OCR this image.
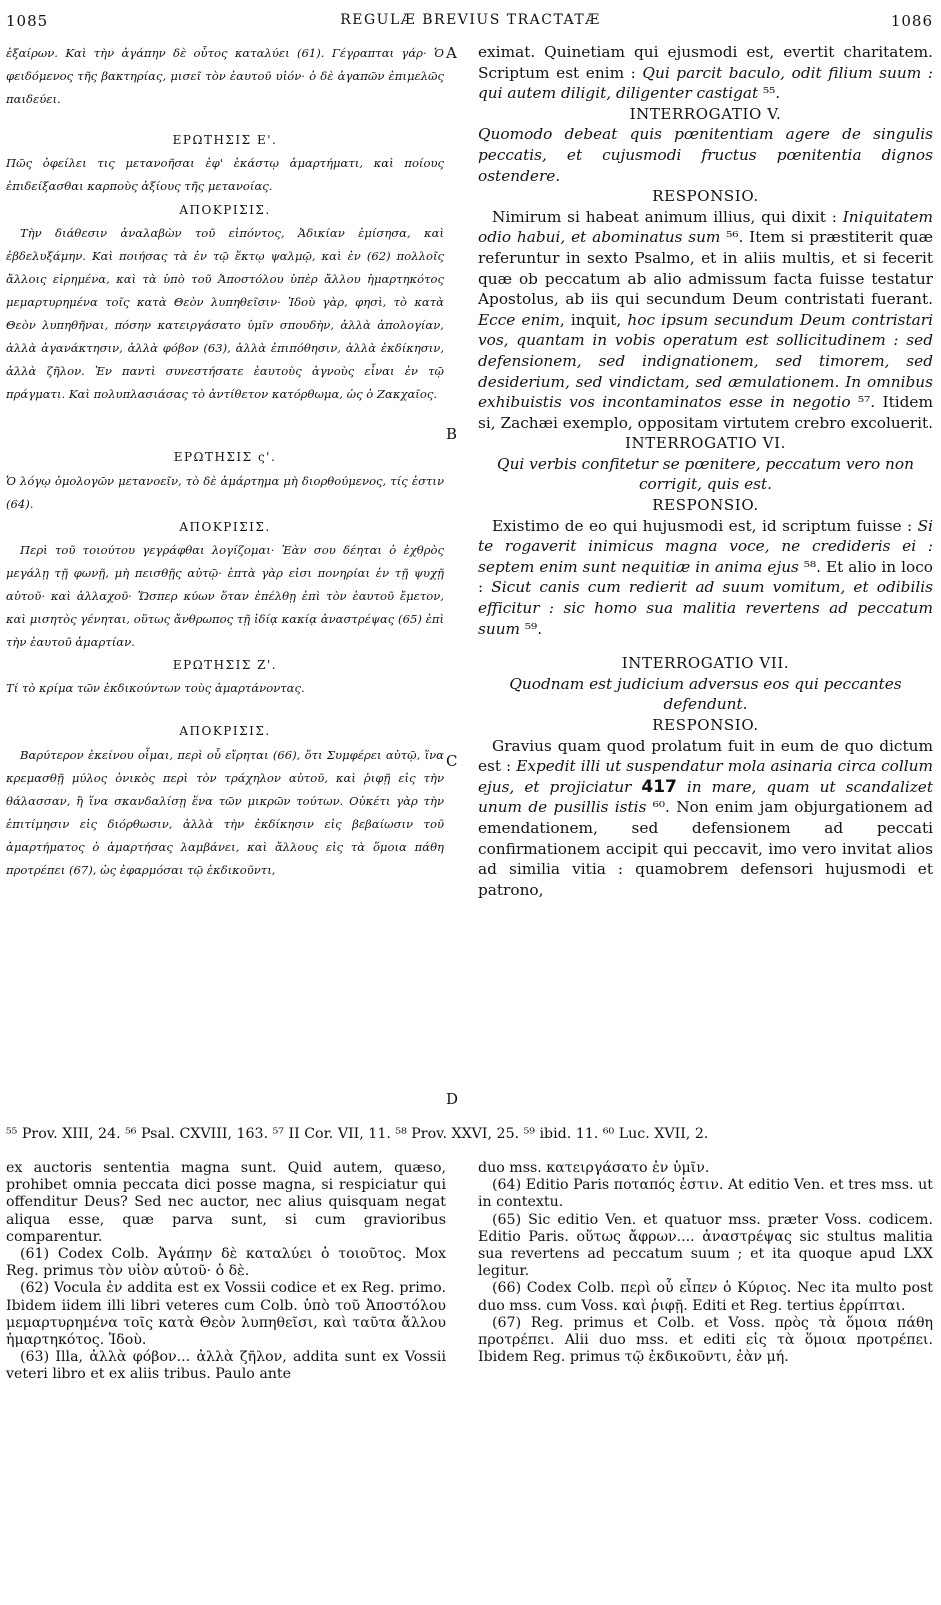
1085	REGULÆ BREVIUS TRACTATÆ	1086

ἐξαίρων. Καὶ τὴν ἀγάπην δὲ οὗτος καταλύει (61). Γέγραπται γάρ· Ὁ φειδόμενος τῆς βακτηρίας, μισεῖ τὸν ἑαυτοῦ υἱόν· ὁ δὲ ἀγαπῶν ἐπιμελῶς παιδεύει.

ΕΡΩΤΗΣΙΣ Ε'.

Πῶς ὀφείλει τις μετανοῆσαι ἐφ' ἑκάστῳ ἁμαρτήματι, καὶ ποίους ἐπιδείξασθαι καρποὺς ἀξίους τῆς μετανοίας.

ΑΠΟΚΡΙΣΙΣ.

Τὴν διάθεσιν ἀναλαβὼν τοῦ εἰπόντος, Ἀδικίαν ἐμίσησα, καὶ ἐβδελυξάμην. Καὶ ποιήσας τὰ ἐν τῷ ἕκτῳ ψαλμῷ, καὶ ἐν (62) πολλοῖς ἄλλοις εἰρημένα, καὶ τὰ ὑπὸ τοῦ Ἀποστόλου ὑπὲρ ἄλλου ἡμαρτηκότος μεμαρτυρημένα τοῖς κατὰ Θεὸν λυπηθεῖσιν· Ἰδοὺ γὰρ, φησὶ, τὸ κατὰ Θεὸν λυπηθῆναι, πόσην κατειργάσατο ὑμῖν σπουδὴν, ἀλλὰ ἀπολογίαν, ἀλλὰ ἀγανάκτησιν, ἀλλὰ φόβον (63), ἀλλὰ ἐπιπόθησιν, ἀλλὰ ἐκδίκησιν, ἀλλὰ ζῆλον. Ἐν παντὶ συνεστήσατε ἑαυτοὺς ἁγνοὺς εἶναι ἐν τῷ πράγματι. Καὶ πολυπλασιάσας τὸ ἀντίθετον κατόρθωμα, ὡς ὁ Ζακχαῖος.

ΕΡΩΤΗΣΙΣ ς'.

Ὁ λόγῳ ὁμολογῶν μετανοεῖν, τὸ δὲ ἁμάρτημα μὴ διορθούμενος, τίς ἐστιν (64).

ΑΠΟΚΡΙΣΙΣ.

Περὶ τοῦ τοιούτου γεγράφθαι λογίζομαι· Ἐὰν σου δέηται ὁ ἐχθρὸς μεγάλῃ τῇ φωνῇ, μὴ πεισθῇς αὐτῷ· ἑπτὰ γὰρ εἰσι πονηρίαι ἐν τῇ ψυχῇ αὐτοῦ· καὶ ἀλλαχοῦ· Ὥσπερ κύων ὅταν ἐπέλθῃ ἐπὶ τὸν ἑαυτοῦ ἔμετον, καὶ μισητὸς γένηται, οὕτως ἄνθρωπος τῇ ἰδίᾳ κακίᾳ ἀναστρέψας (65) ἐπὶ τὴν ἑαυτοῦ ἁμαρτίαν.

ΕΡΩΤΗΣΙΣ Ζ'.

Τί τὸ κρίμα τῶν ἐκδικούντων τοὺς ἁμαρτάνοντας.

ΑΠΟΚΡΙΣΙΣ.

Βαρύτερον ἐκείνου οἶμαι, περὶ οὗ εἴρηται (66), ὅτι Συμφέρει αὐτῷ, ἵνα κρεμασθῇ μύλος ὀνικὸς περὶ τὸν τράχηλον αὐτοῦ, καὶ ῥιφῇ εἰς τὴν θάλασσαν, ἢ ἵνα σκανδαλίσῃ ἕνα τῶν μικρῶν τούτων. Οὐκέτι γὰρ τὴν ἐπιτίμησιν εἰς διόρθωσιν, ἀλλὰ τὴν ἐκδίκησιν εἰς βεβαίωσιν τοῦ ἁμαρτήματος ὁ ἁμαρτήσας λαμβάνει, καὶ ἄλλους εἰς τὰ ὅμοια πάθη προτρέπει (67), ὡς ἐφαρμόσαι τῷ ἐκδικοῦντι,

A
B
C
D

eximat. Quinetiam qui ejusmodi est, evertit charitatem. Scriptum est enim : Qui parcit baculo, odit filium suum : qui autem diligit, diligenter castigat ⁵⁵.

INTERROGATIO V.

Quomodo debeat quis pœnitentiam agere de singulis peccatis, et cujusmodi fructus pœnitentia dignos ostendere.

RESPONSIO.

Nimirum si habeat animum illius, qui dixit : Iniquitatem odio habui, et abominatus sum ⁵⁶. Item si præstiterit quæ referuntur in sexto Psalmo, et in aliis multis, et si fecerit quæ ob peccatum ab alio admissum facta fuisse testatur Apostolus, ab iis qui secundum Deum contristati fuerant. Ecce enim, inquit, hoc ipsum secundum Deum contristari vos, quantam in vobis operatum est sollicitudinem : sed defensionem, sed indignationem, sed timorem, sed desiderium, sed vindictam, sed æmulationem. In omnibus exhibuistis vos incontaminatos esse in negotio ⁵⁷. Itidem si, Zachæi exemplo, oppositam virtutem crebro excoluerit.

INTERROGATIO VI.

Qui verbis confitetur se pœnitere, peccatum vero non corrigit, quis est.

RESPONSIO.

Existimo de eo qui hujusmodi est, id scriptum fuisse : Si te rogaverit inimicus magna voce, ne credideris ei : septem enim sunt nequitiæ in anima ejus ⁵⁸. Et alio in loco : Sicut canis cum redierit ad suum vomitum, et odibilis efficitur : sic homo sua malitia revertens ad peccatum suum ⁵⁹.

INTERROGATIO VII.

Quodnam est judicium adversus eos qui peccantes defendunt.

RESPONSIO.

Gravius quam quod prolatum fuit in eum de quo dictum est : Expedit illi ut suspendatur mola asinaria circa collum ejus, et projiciatur 417 in mare, quam ut scandalizet unum de pusillis istis ⁶⁰. Non enim jam objurgationem ad emendationem, sed defensionem ad peccati confirmationem accipit qui peccavit, imo vero invitat alios ad similia vitia : quamobrem defensori hujusmodi et patrono,

⁵⁵ Prov. XIII, 24. ⁵⁶ Psal. CXVIII, 163. ⁵⁷ II Cor. VII, 11. ⁵⁸ Prov. XXVI, 25. ⁵⁹ ibid. 11. ⁶⁰ Luc. XVII, 2.

ex auctoris sententia magna sunt. Quid autem, quæso, prohibet omnia peccata dici posse magna, si respiciatur qui offenditur Deus? Sed nec auctor, nec alius quisquam negat aliqua esse, quæ parva sunt, si cum gravioribus comparentur.

(61) Codex Colb. Ἀγάπην δὲ καταλύει ὁ τοιοῦτος. Mox Reg. primus τὸν υἱὸν αὐτοῦ· ὁ δὲ.

(62) Vocula ἐν addita est ex Vossii codice et ex Reg. primo. Ibidem iidem illi libri veteres cum Colb. ὑπὸ τοῦ Ἀποστόλου μεμαρτυρημένα τοῖς κατὰ Θεὸν λυπηθεῖσι, καὶ ταῦτα ἄλλου ἡμαρτηκότος. Ἰδοὺ.

(63) Illa, ἀλλὰ φόβον... ἀλλὰ ζῆλον, addita sunt ex Vossii veteri libro et ex aliis tribus. Paulo ante

duo mss. κατειργάσατο ἐν ὑμῖν.

(64) Editio Paris ποταπός ἐστιν. At editio Ven. et tres mss. ut in contextu.

(65) Sic editio Ven. et quatuor mss. præter Voss. codicem. Editio Paris. οὕτως ἄφρων.... ἀναστρέψας sic stultus malitia sua revertens ad peccatum suum ; et ita quoque apud LXX legitur.

(66) Codex Colb. περὶ οὗ εἶπεν ὁ Κύριος. Nec ita multo post duo mss. cum Voss. καὶ ῥιφῇ. Editi et Reg. tertius ἐρρίπται.

(67) Reg. primus et Colb. et Voss. πρὸς τὰ ὅμοια πάθη προτρέπει. Alii duo mss. et editi εἰς τὰ ὅμοια προτρέπει. Ibidem Reg. primus τῷ ἐκδικοῦντι, ἐὰν μή.
